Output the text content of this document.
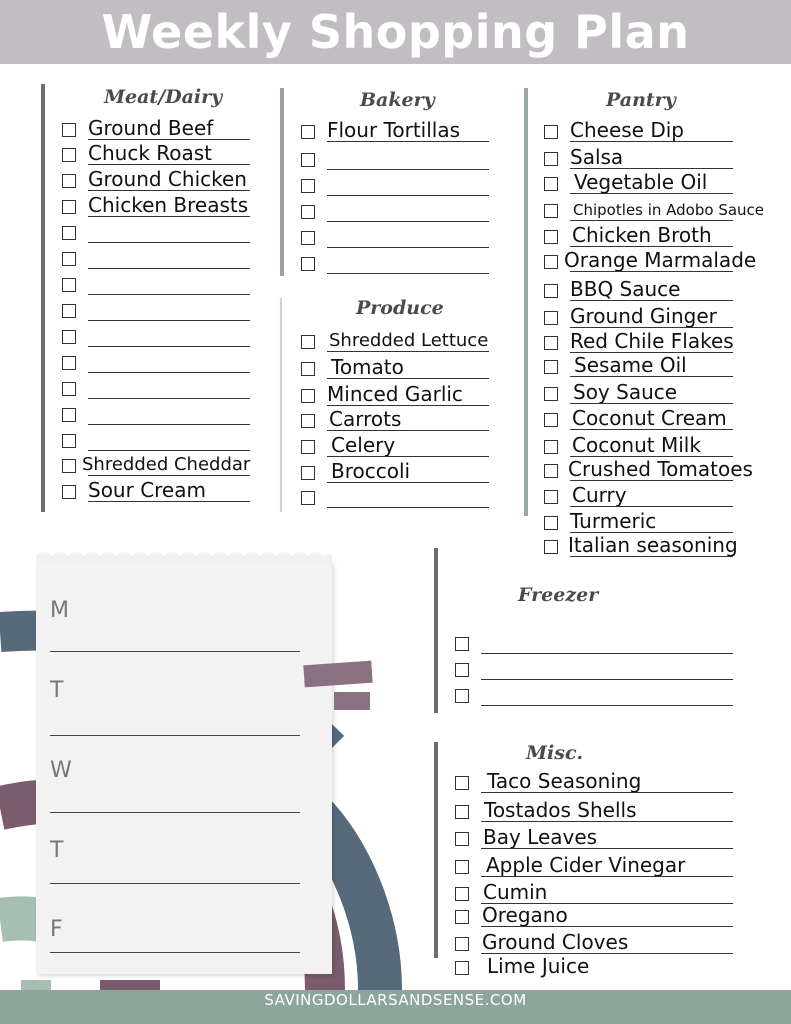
Weekly Shopping Plan
Meat/Dairy	Bakery
Produce
Pantry
Freezer
Misc.
Ground Beef
Chuck Roast
Ground Chicken
Chicken Breasts
Shredded Cheddar
Sour Cream
Flour Tortillas
Shredded Lettuce
Tomato
Minced Garlic
Carrots
Celery
Broccoli
Cheese Dip
Salsa
Vegetable Oil
Chipotles in Adobo Sauce
Chicken Broth
Orange Marmalade
BBQ Sauce
Ground Ginger
Red Chile Flakes
Sesame Oil
Soy Sauce
Coconut Cream
Coconut Milk
Crushed Tomatoes
Curry
Turmeric
Italian seasoning
M
T
W
T
F
Taco Seasoning
Tostados Shells
Bay Leaves
Apple Cider Vinegar
Cumin
Oregano
Ground Cloves
Lime Juice
SAVINGDOLLARSANDSENSE.COM
